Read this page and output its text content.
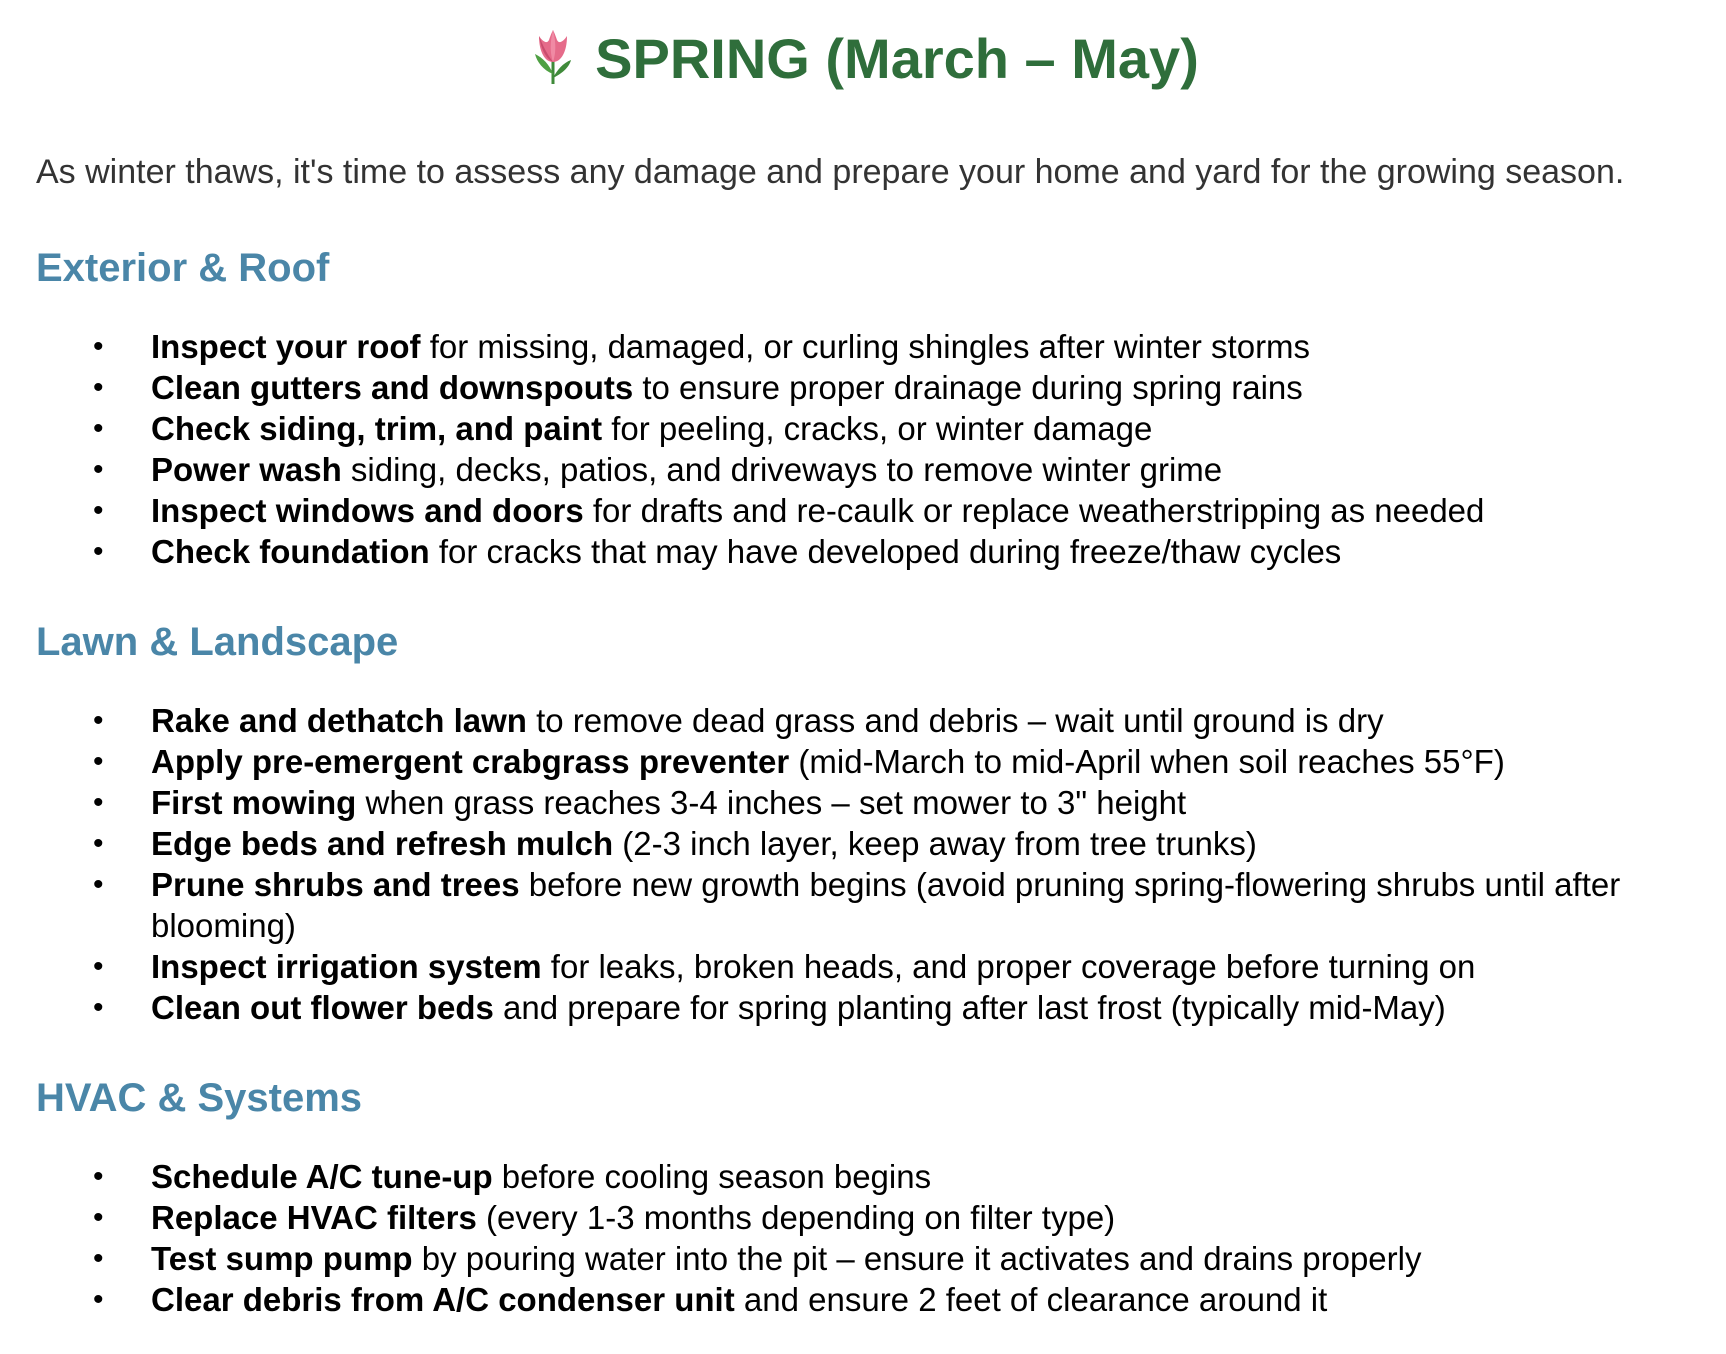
SPRING (March – May)

As winter thaws, it's time to assess any damage and prepare your home and yard for the growing season.

Exterior & Roof
• Inspect your roof for missing, damaged, or curling shingles after winter storms
• Clean gutters and downspouts to ensure proper drainage during spring rains
• Check siding, trim, and paint for peeling, cracks, or winter damage
• Power wash siding, decks, patios, and driveways to remove winter grime
• Inspect windows and doors for drafts and re-caulk or replace weatherstripping as needed
• Check foundation for cracks that may have developed during freeze/thaw cycles
Lawn & Landscape
• Rake and dethatch lawn to remove dead grass and debris – wait until ground is dry
• Apply pre-emergent crabgrass preventer (mid-March to mid-April when soil reaches 55°F)
• First mowing when grass reaches 3-4 inches – set mower to 3" height
• Edge beds and refresh mulch (2-3 inch layer, keep away from tree trunks)
• Prune shrubs and trees before new growth begins (avoid pruning spring-flowering shrubs until after blooming)
• Inspect irrigation system for leaks, broken heads, and proper coverage before turning on
• Clean out flower beds and prepare for spring planting after last frost (typically mid-May)
HVAC & Systems
• Schedule A/C tune-up before cooling season begins
• Replace HVAC filters (every 1-3 months depending on filter type)
• Test sump pump by pouring water into the pit – ensure it activates and drains properly
• Clear debris from A/C condenser unit and ensure 2 feet of clearance around it
